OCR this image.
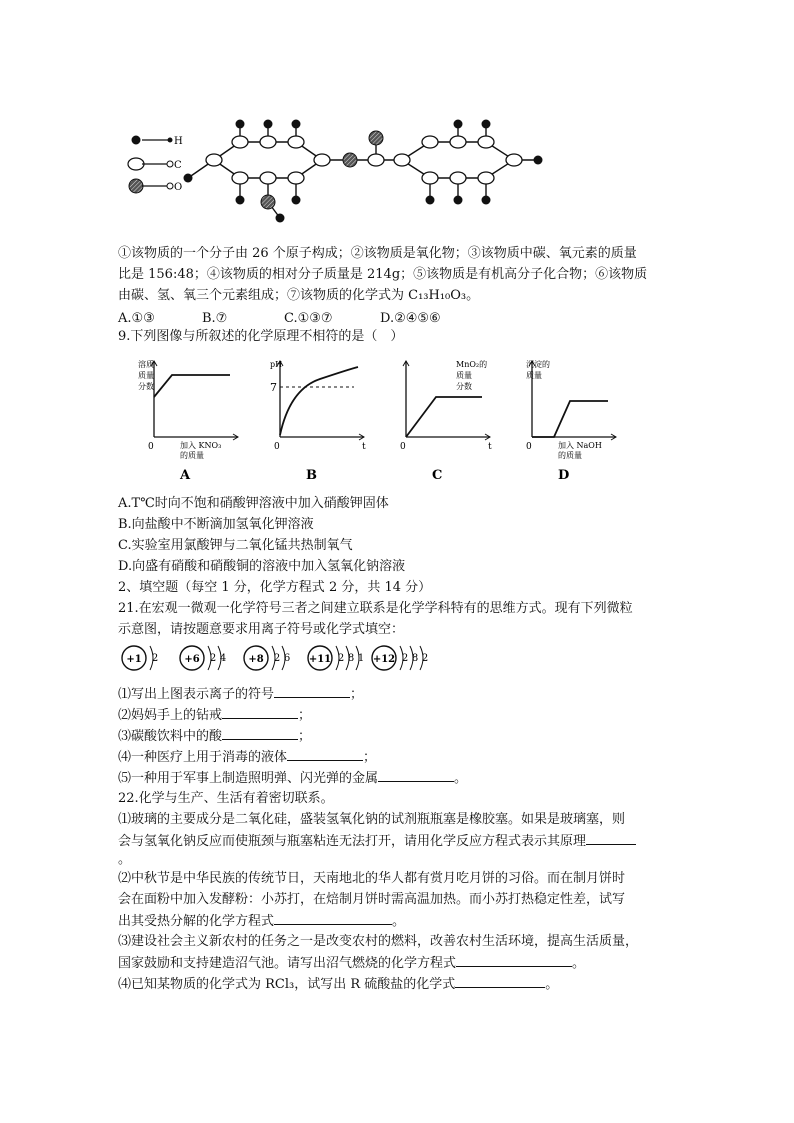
H
C
O
①该物质的一个分子由 26 个原子构成；②该物质是氧化物；③该物质中碳、氧元素的质量
比是 156:48；④该物质的相对分子质量是 214g；⑤该物质是有机高分子化合物；⑥该物质
由碳、氢、氧三个元素组成；⑦该物质的化学式为 C₁₃H₁₀O₃。
A.①③	B.⑦	C.①③⑦	D.②④⑤⑥
9.下列图像与所叙述的化学原理不相符的是（　）
溶质
质量
分数
0	加入 KNO₃
的质量
A
7
pH
0	t
B
MnO₂的
质量
分数
0	t
C
沉淀的
质量
0	加入 NaOH
的质量
D
A.T℃时向不饱和硝酸钾溶液中加入硝酸钾固体
B.向盐酸中不断滴加氢氧化钾溶液
C.实验室用氯酸钾与二氧化锰共热制氧气
D.向盛有硝酸和硝酸铜的溶液中加入氢氧化钠溶液
2、填空题（每空 1 分，化学方程式 2 分，共 14 分）
21.在宏观一微观一化学符号三者之间建立联系是化学学科特有的思维方式。现有下列微粒
示意图，请按题意要求用离子符号或化学式填空：
+1 2	+6 2 4 +8 2 6 +11 2 8 1 +12 2 8 2
⑴写出上图表示离子的符号	；
⑵妈妈手上的钻戒	；
⑶碳酸饮料中的酸	；
⑷一种医疗上用于消毒的液体	；
⑸一种用于军事上制造照明弹、闪光弹的金属	。
22.化学与生产、生活有着密切联系。
⑴玻璃的主要成分是二氧化硅，盛装氢氧化钠的试剂瓶瓶塞是橡胶塞。如果是玻璃塞，则
会与氢氧化钠反应而使瓶颈与瓶塞粘连无法打开，请用化学反应方程式表示其原理
。
⑵中秋节是中华民族的传统节日，天南地北的华人都有赏月吃月饼的习俗。而在制月饼时
会在面粉中加入发酵粉：小苏打，在焙制月饼时需高温加热。而小苏打热稳定性差，试写
出其受热分解的化学方程式	。
⑶建设社会主义新农村的任务之一是改变农村的燃料，改善农村生活环境，提高生活质量，
国家鼓励和支持建造沼气池。请写出沼气燃烧的化学方程式	。
⑷已知某物质的化学式为 RCl₃，试写出 R 硫酸盐的化学式	。
